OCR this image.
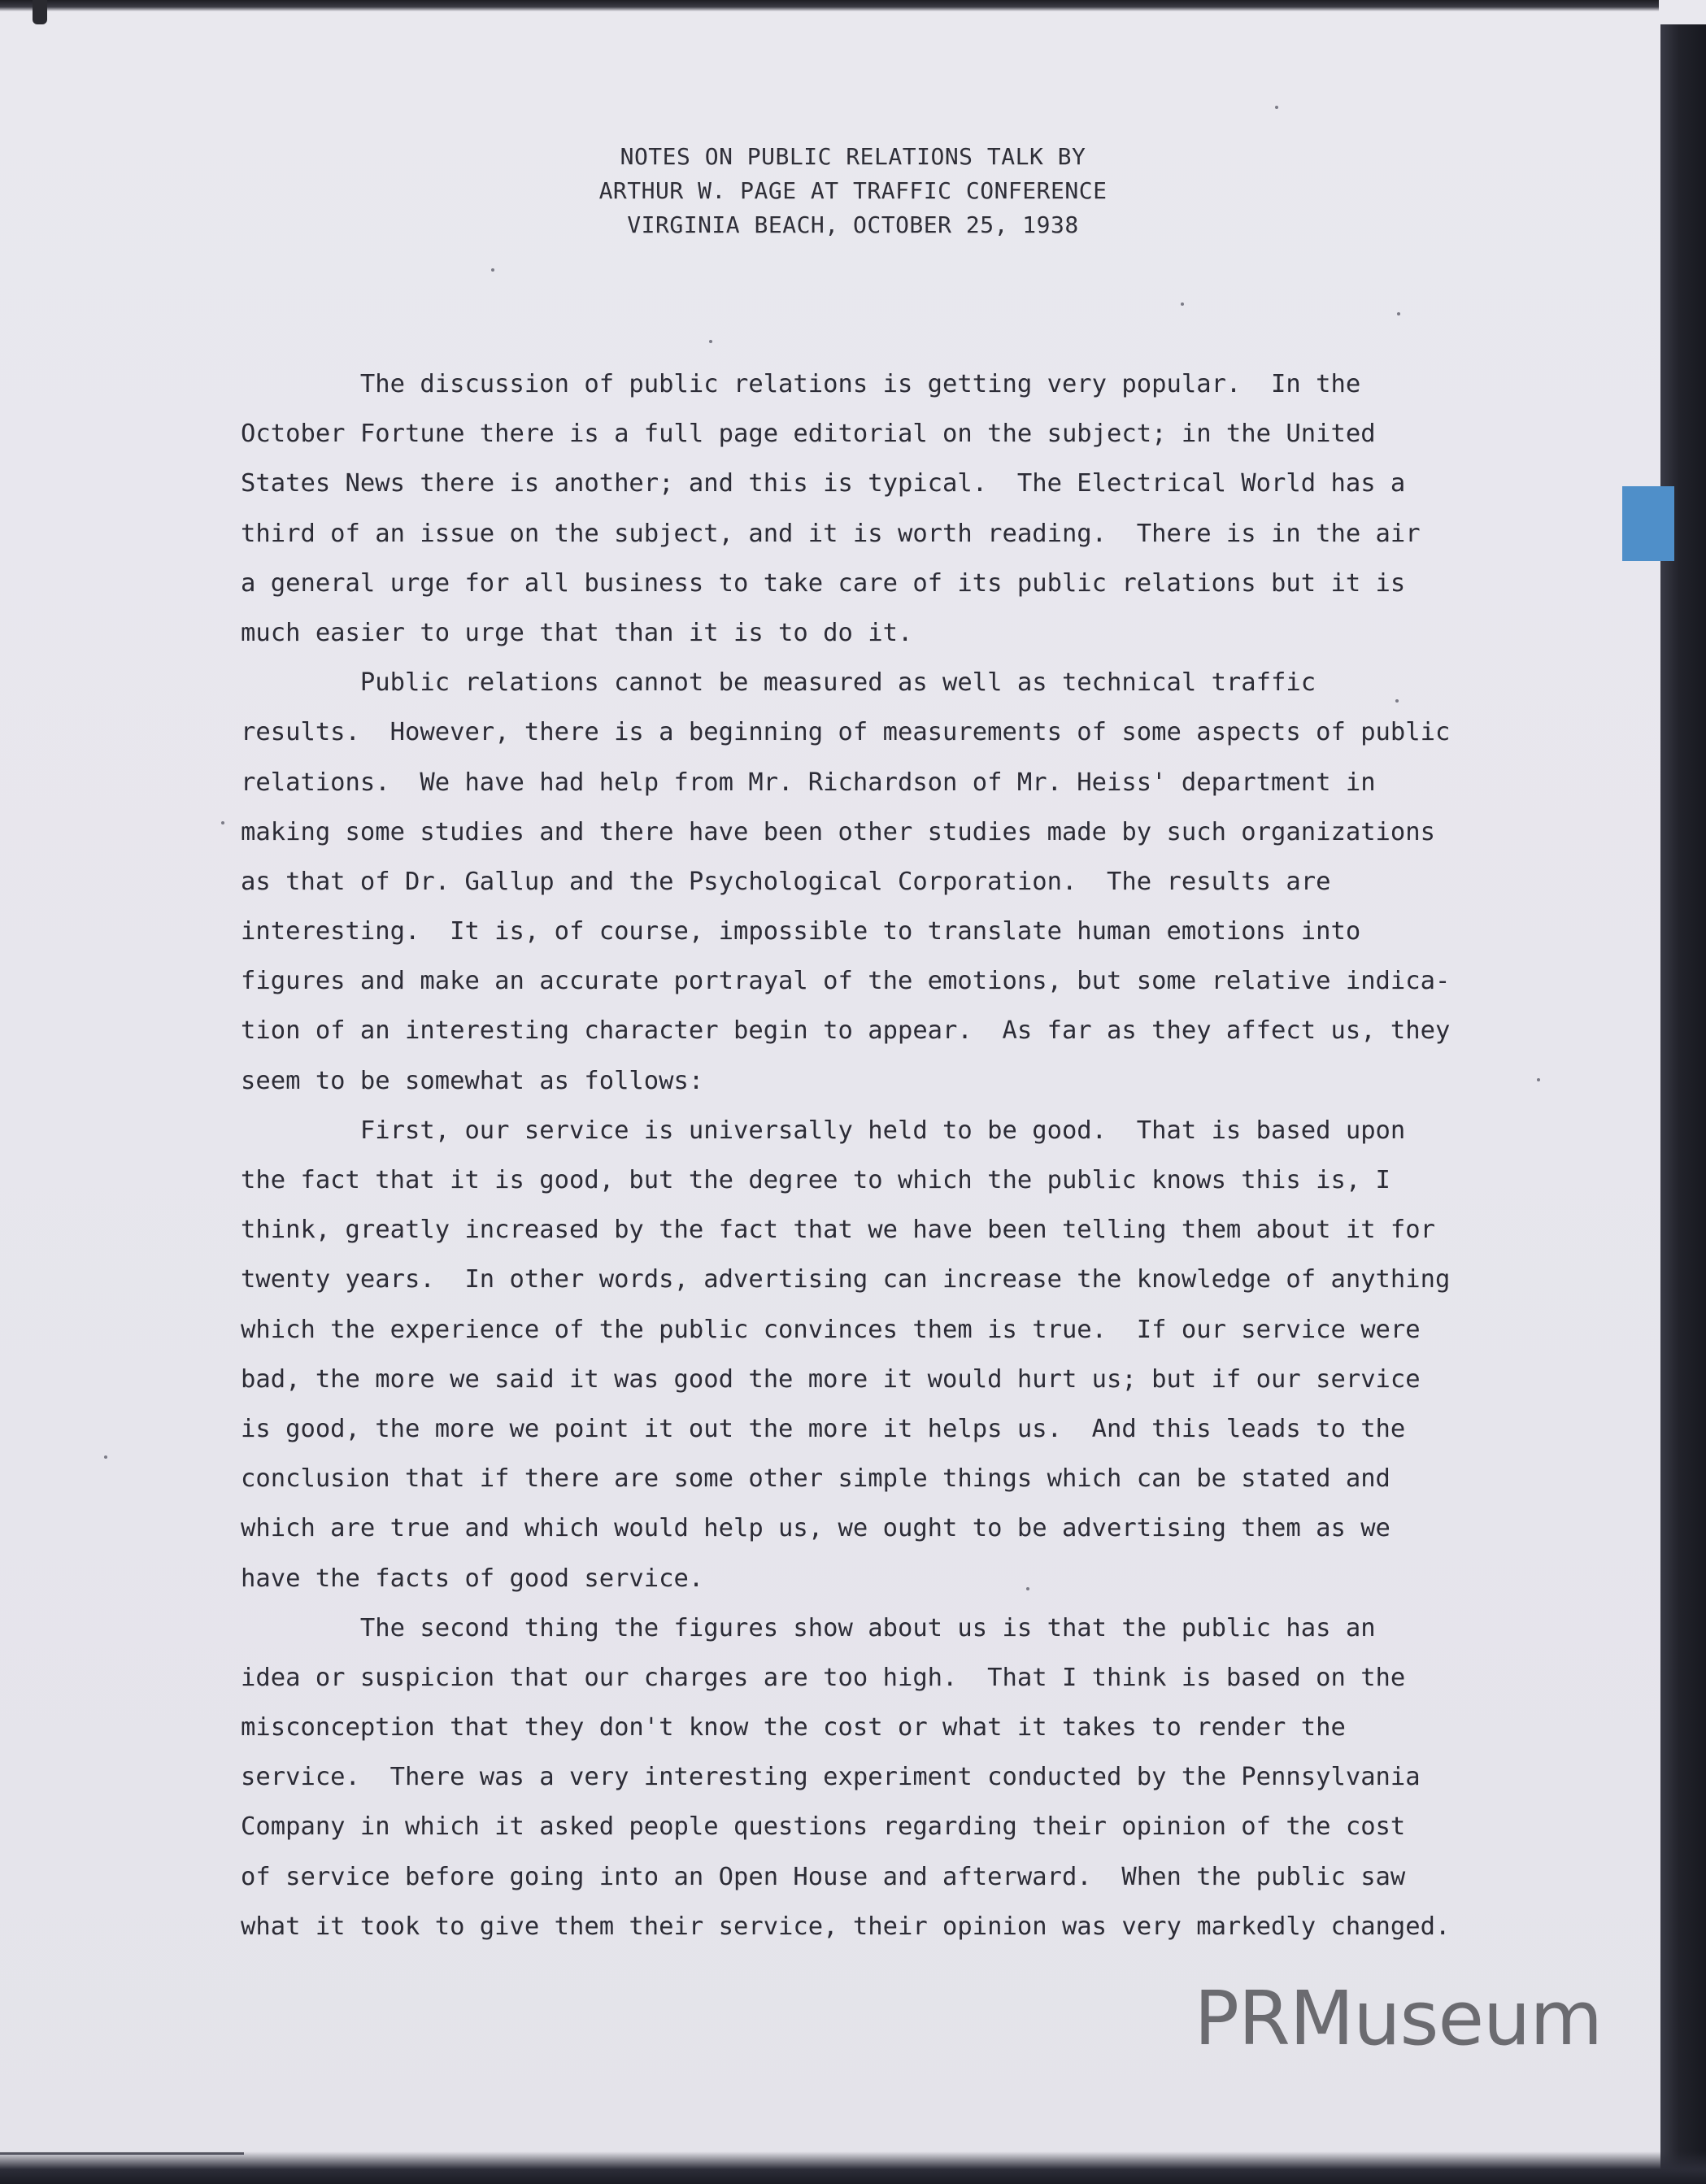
NOTES ON PUBLIC RELATIONS TALK BY
ARTHUR W. PAGE AT TRAFFIC CONFERENCE
VIRGINIA BEACH, OCTOBER 25, 1938
The discussion of public relations is getting very popular.  In the
October Fortune there is a full page editorial on the subject; in the United
States News there is another; and this is typical.  The Electrical World has a
third of an issue on the subject, and it is worth reading.  There is in the air
a general urge for all business to take care of its public relations but it is
much easier to urge that than it is to do it.
Public relations cannot be measured as well as technical traffic
results.  However, there is a beginning of measurements of some aspects of public
relations.  We have had help from Mr. Richardson of Mr. Heiss' department in
making some studies and there have been other studies made by such organizations
as that of Dr. Gallup and the Psychological Corporation.  The results are
interesting.  It is, of course, impossible to translate human emotions into
figures and make an accurate portrayal of the emotions, but some relative indica-
tion of an interesting character begin to appear.  As far as they affect us, they
seem to be somewhat as follows:
First, our service is universally held to be good.  That is based upon
the fact that it is good, but the degree to which the public knows this is, I
think, greatly increased by the fact that we have been telling them about it for
twenty years.  In other words, advertising can increase the knowledge of anything
which the experience of the public convinces them is true.  If our service were
bad, the more we said it was good the more it would hurt us; but if our service
is good, the more we point it out the more it helps us.  And this leads to the
conclusion that if there are some other simple things which can be stated and
which are true and which would help us, we ought to be advertising them as we
have the facts of good service.
The second thing the figures show about us is that the public has an
idea or suspicion that our charges are too high.  That I think is based on the
misconception that they don't know the cost or what it takes to render the
service.  There was a very interesting experiment conducted by the Pennsylvania
Company in which it asked people questions regarding their opinion of the cost
of service before going into an Open House and afterward.  When the public saw
what it took to give them their service, their opinion was very markedly changed.
PRMuseum
